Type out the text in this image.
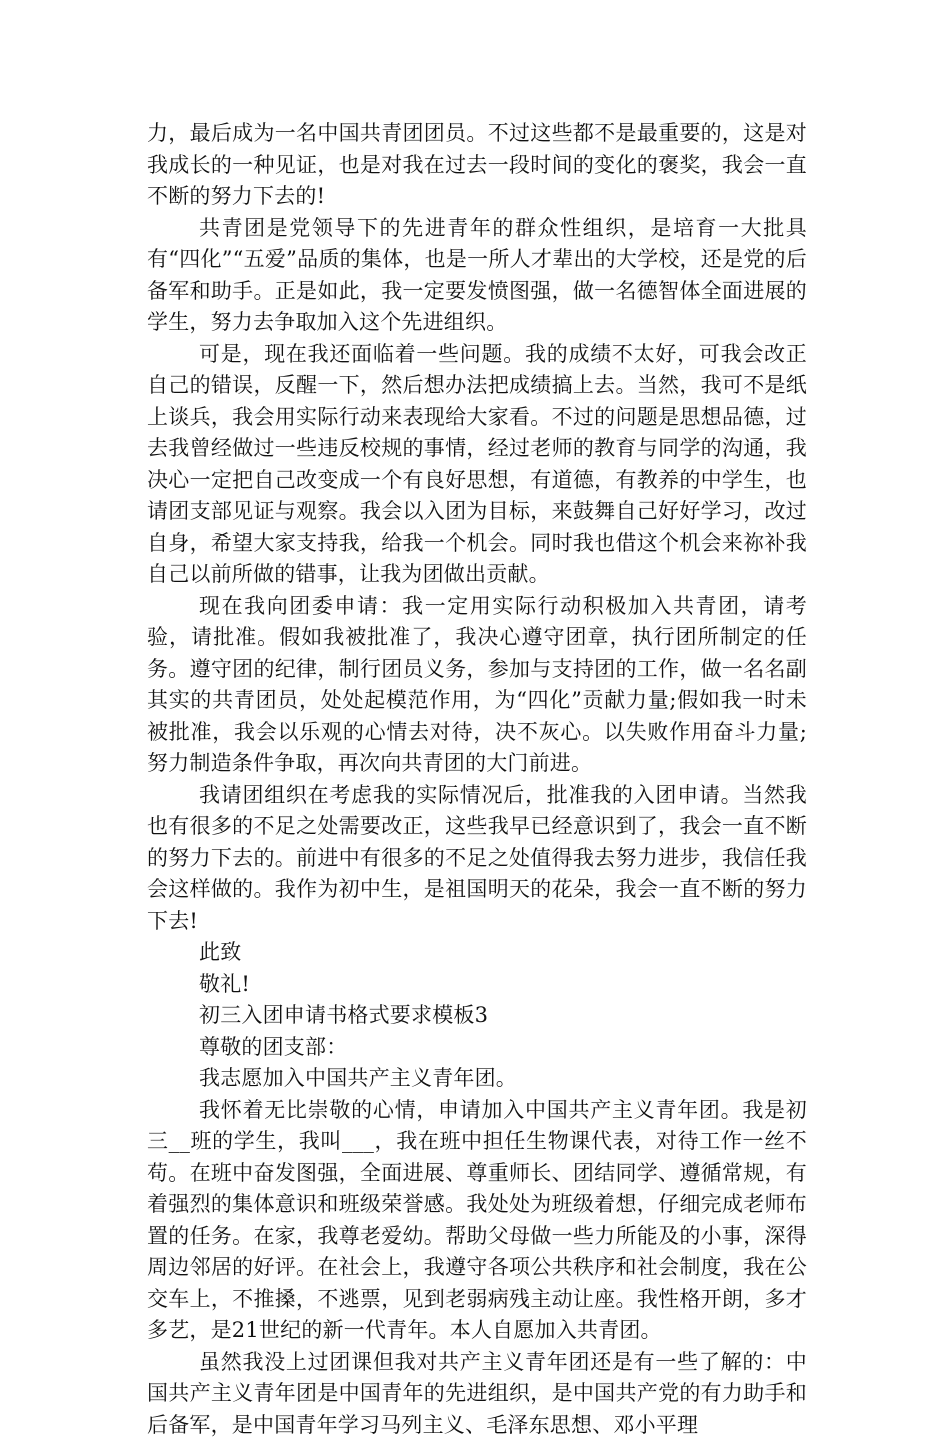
力，最后成为一名中国共青团团员。不过这些都不是最重要的，这是对我成长的一种见证，也是对我在过去一段时间的变化的褒奖，我会一直不断的努力下去的!

共青团是党领导下的先进青年的群众性组织，是培育一大批具有“四化”“五爱”品质的集体，也是一所人才辈出的大学校，还是党的后备军和助手。正是如此，我一定要发愤图强，做一名德智体全面进展的学生，努力去争取加入这个先进组织。

可是，现在我还面临着一些问题。我的成绩不太好，可我会改正自己的错误，反醒一下，然后想办法把成绩搞上去。当然，我可不是纸上谈兵，我会用实际行动来表现给大家看。不过的问题是思想品德，过去我曾经做过一些违反校规的事情，经过老师的教育与同学的沟通，我决心一定把自己改变成一个有良好思想，有道德，有教养的中学生，也请团支部见证与观察。我会以入团为目标，来鼓舞自己好好学习，改过自身，希望大家支持我，给我一个机会。同时我也借这个机会来祢补我自己以前所做的错事，让我为团做出贡献。

现在我向团委申请：我一定用实际行动积极加入共青团，请考验，请批准。假如我被批准了，我决心遵守团章，执行团所制定的任务。遵守团的纪律，制行团员义务，参加与支持团的工作，做一名名副其实的共青团员，处处起模范作用，为“四化”贡献力量;假如我一时未被批准，我会以乐观的心情去对待，决不灰心。以失败作用奋斗力量;努力制造条件争取，再次向共青团的大门前进。

我请团组织在考虑我的实际情况后，批准我的入团申请。当然我也有很多的不足之处需要改正，这些我早已经意识到了，我会一直不断的努力下去的。前进中有很多的不足之处值得我去努力进步，我信任我会这样做的。我作为初中生，是祖国明天的花朵，我会一直不断的努力下去!

此致

敬礼!

初三入团申请书格式要求模板3

尊敬的团支部：

我志愿加入中国共产主义青年团。

我怀着无比崇敬的心情，申请加入中国共产主义青年团。我是初三__班的学生，我叫___，我在班中担任生物课代表，对待工作一丝不苟。在班中奋发图强，全面进展、尊重师长、团结同学、遵循常规，有着强烈的集体意识和班级荣誉感。我处处为班级着想，仔细完成老师布置的任务。在家，我尊老爱幼。帮助父母做一些力所能及的小事，深得周边邻居的好评。在社会上，我遵守各项公共秩序和社会制度，我在公交车上，不推搡，不逃票，见到老弱病残主动让座。我性格开朗，多才多艺，是21世纪的新一代青年。本人自愿加入共青团。

虽然我没上过团课但我对共产主义青年团还是有一些了解的：中国共产主义青年团是中国青年的先进组织，是中国共产党的有力助手和后备军，是中国青年学习马列主义、毛泽东思想、邓小平理
